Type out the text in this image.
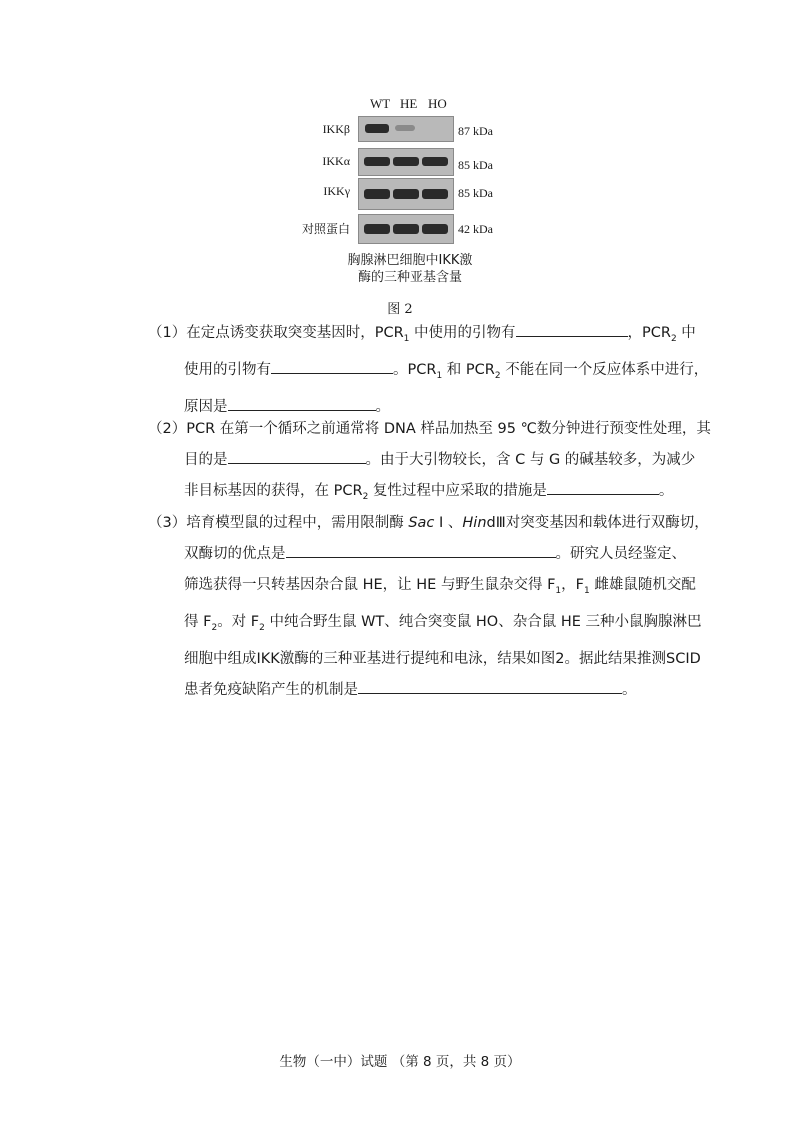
WT HE HO
IKKβ	87 kDa
IKKα	85 kDa
IKKγ	85 kDa
对照蛋白	42 kDa
胸腺淋巴细胞中IKK激
酶的三种亚基含量
图 2

（1）在定点诱变获取突变基因时，$PCR_1$ 中使用的引物有	，$PCR_2$ 中

使用的引物有	。$PCR_1$ 和 $PCR_2$ 不能在同一个反应体系中进行，

原因是	。

（2）PCR 在第一个循环之前通常将 DNA 样品加热至 95 ℃数分钟进行预变性处理，其

目的是	。由于大引物较长，含 C 与 G 的碱基较多，为减少

非目标基因的获得，在 $PCR_2$ 复性过程中应采取的措施是	。

（3）培育模型鼠的过程中，需用限制酶 Sac Ⅰ 、HindⅢ对突变基因和载体进行双酶切，

双酶切的优点是	。研究人员经鉴定、

筛选获得一只转基因杂合鼠 HE，让 HE 与野生鼠杂交得 $F_1$，$F_1$ 雌雄鼠随机交配

得 $F_2$。对 $F_2$ 中纯合野生鼠 WT、纯合突变鼠 HO、杂合鼠 HE 三种小鼠胸腺淋巴

细胞中组成IKK激酶的三种亚基进行提纯和电泳，结果如图2。据此结果推测SCID

患者免疫缺陷产生的机制是	。

生物（一中）试题 （第 8 页，共 8 页）
